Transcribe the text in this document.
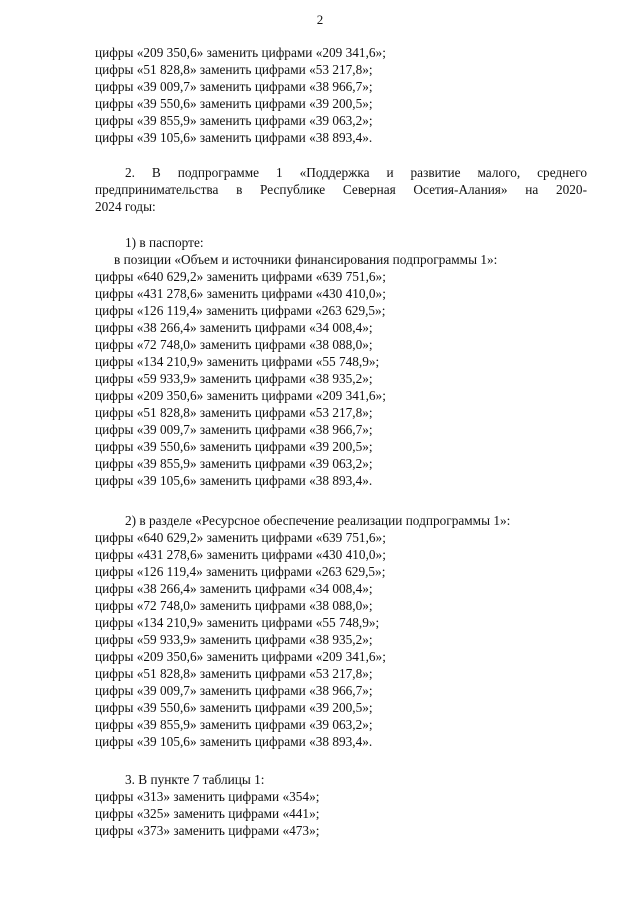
2
цифры «209 350,6» заменить цифрами «209 341,6»;
цифры «51 828,8» заменить цифрами «53 217,8»;
цифры «39 009,7» заменить цифрами «38 966,7»;
цифры «39 550,6» заменить цифрами «39 200,5»;
цифры «39 855,9» заменить цифрами «39 063,2»;
цифры «39 105,6» заменить цифрами «38 893,4».
2. В подпрограмме 1 «Поддержка и развитие малого, среднего
предпринимательства в Республике Северная Осетия-Алания» на 2020-
2024 годы:
1) в паспорте:
в позиции «Объем и источники финансирования подпрограммы 1»:
цифры «640 629,2» заменить цифрами «639 751,6»;
цифры «431 278,6» заменить цифрами «430 410,0»;
цифры «126 119,4» заменить цифрами «263 629,5»;
цифры «38 266,4» заменить цифрами «34 008,4»;
цифры «72 748,0» заменить цифрами «38 088,0»;
цифры «134 210,9» заменить цифрами «55 748,9»;
цифры «59 933,9» заменить цифрами «38 935,2»;
цифры «209 350,6» заменить цифрами «209 341,6»;
цифры «51 828,8» заменить цифрами «53 217,8»;
цифры «39 009,7» заменить цифрами «38 966,7»;
цифры «39 550,6» заменить цифрами «39 200,5»;
цифры «39 855,9» заменить цифрами «39 063,2»;
цифры «39 105,6» заменить цифрами «38 893,4».
2) в разделе «Ресурсное обеспечение реализации подпрограммы 1»:
цифры «640 629,2» заменить цифрами «639 751,6»;
цифры «431 278,6» заменить цифрами «430 410,0»;
цифры «126 119,4» заменить цифрами «263 629,5»;
цифры «38 266,4» заменить цифрами «34 008,4»;
цифры «72 748,0» заменить цифрами «38 088,0»;
цифры «134 210,9» заменить цифрами «55 748,9»;
цифры «59 933,9» заменить цифрами «38 935,2»;
цифры «209 350,6» заменить цифрами «209 341,6»;
цифры «51 828,8» заменить цифрами «53 217,8»;
цифры «39 009,7» заменить цифрами «38 966,7»;
цифры «39 550,6» заменить цифрами «39 200,5»;
цифры «39 855,9» заменить цифрами «39 063,2»;
цифры «39 105,6» заменить цифрами «38 893,4».
3. В пункте 7 таблицы 1:
цифры «313» заменить цифрами «354»;
цифры «325» заменить цифрами «441»;
цифры «373» заменить цифрами «473»;
